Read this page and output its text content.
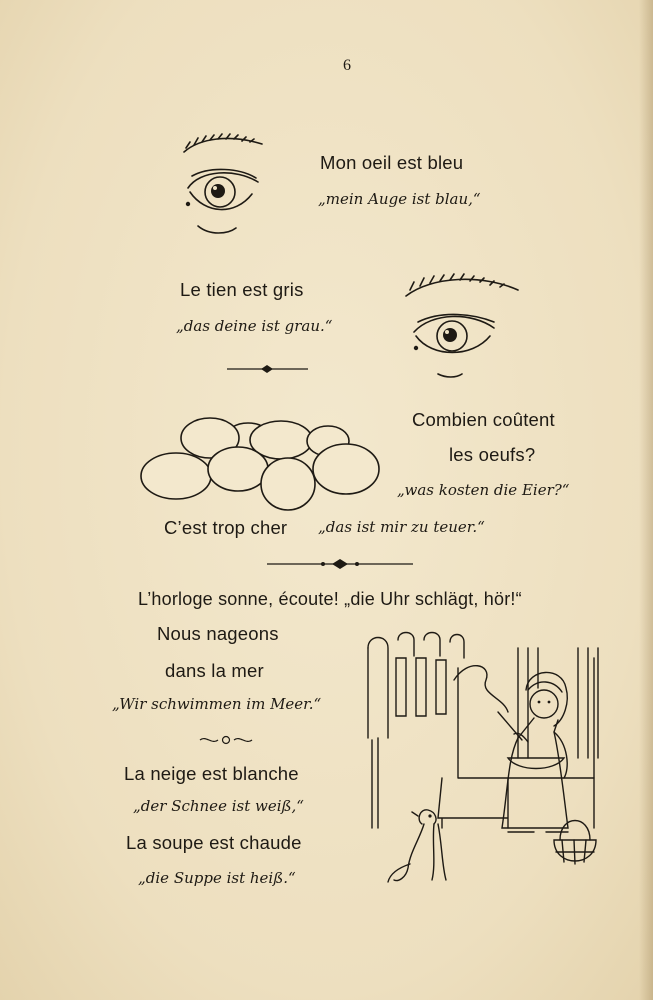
6
Mon oeil est bleu
„mein Auge ist blau,“
Le tien est gris
„das deine ist grau.“
Combien coûtent
les oeufs?
„was kosten die Eier?“
C’est trop cher „das ist mir zu teuer.“
L’horloge sonne, écoute! „die Uhr schlägt, hör!“
Nous nageons
dans la mer
„Wir schwimmen im Meer.“
La neige est blanche
„der Schnee ist weiß,“
La soupe est chaude
„die Suppe ist heiß.“
